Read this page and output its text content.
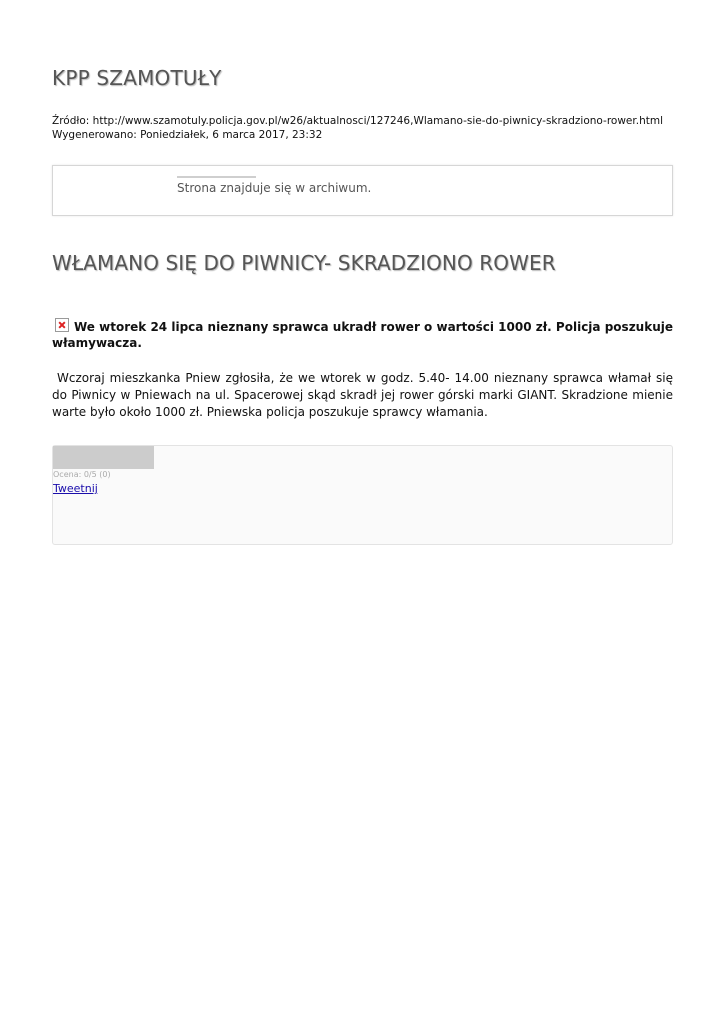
KPP SZAMOTUŁY
Źródło: http://www.szamotuly.policja.gov.pl/w26/aktualnosci/127246,Wlamano-sie-do-piwnicy-skradziono-rower.html
Wygenerowano: Poniedziałek, 6 marca 2017, 23:32
Strona znajduje się w archiwum.
WŁAMANO SIĘ DO PIWNICY- SKRADZIONO ROWER
We wtorek 24 lipca nieznany sprawca ukradł rower o wartości 1000 zł. Policja poszukuje włamywacza.
Wczoraj mieszkanka Pniew zgłosiła, że we wtorek w godz. 5.40- 14.00 nieznany sprawca włamał się do Piwnicy w Pniewach na ul. Spacerowej skąd skradł jej rower górski marki GIANT. Skradzione mienie warte było około 1000 zł. Pniewska policja poszukuje sprawcy włamania.
Ocena: 0/5 (0)
Tweetnij
